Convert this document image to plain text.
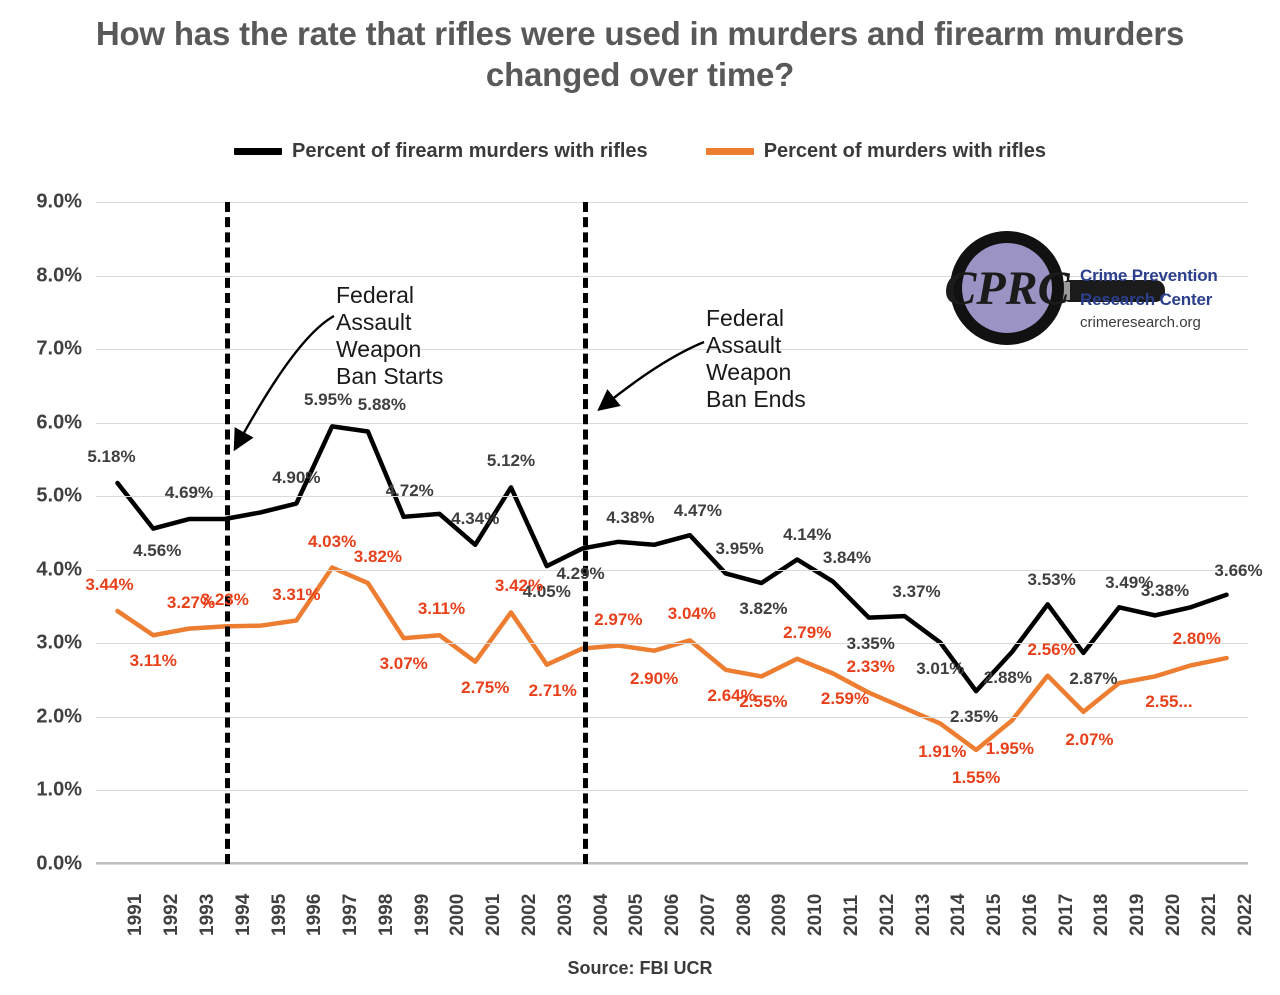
How has the rate that rifles were used in murders and firearm murders changed over time?
Percent of firearm murders with rifles	Percent of murders with rifles
0.0%
1.0%
2.0%
3.0%
4.0%
5.0%
6.0%
7.0%
8.0%
9.0%
1991 1992 1993 1994 1995 1996 1997 1998 1999 2000 2001 2002 2003 2004 2005 2006 2007 2008 2009 2010 2011 2012 2013 2014 2015 2016 2017 2018 2019 2020 2021 2022
5.18%
4.56%
4.69%
4.90%
5.95% 5.88%
4.72%
4.34%
5.12%
4.05%
4.29%
4.38% 4.47%
3.95%
3.82%
4.14%
3.84%
3.35%
3.37%
3.01%
2.35%
2.88%
3.53%
2.87%
3.49%
3.38%
3.66%
3.44%
3.11%
3.27%
3.23% 3.31%
4.03%
3.82%
3.07%
3.11%
2.75%
3.42%
2.71%
2.97%
2.90%
3.04%
2.64%
2.55%
2.79%
2.59%
2.33%
1.91%
1.55%
1.95%
2.56%
2.07%
2.55...
2.80%
Federal
Assault
Weapon
Ban Starts
Federal
Assault
Weapon
Ban Ends
CPRC Crime Prevention
Research Center
crimeresearch.org
Source: FBI UCR
